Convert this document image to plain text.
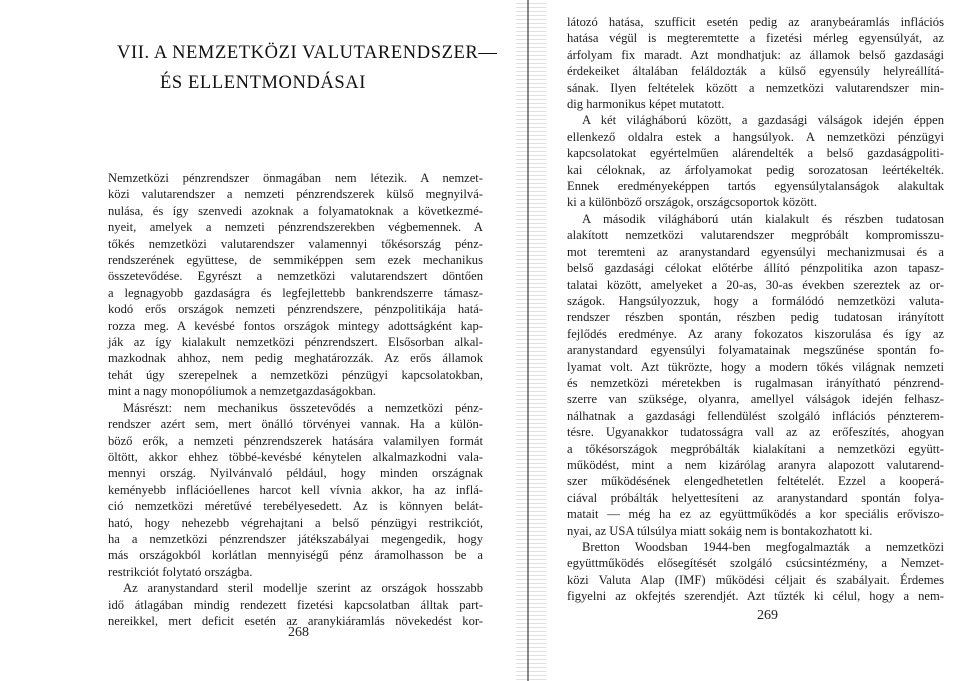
VII. A NEMZETKÖZI VALUTARENDSZER—
ÉS ELLENTMONDÁSAI
Nemzetközi pénzrendszer önmagában nem létezik. A nemzet-
közi valutarendszer a nemzeti pénzrendszerek külső megnyilvá-
nulása, és így szenvedi azoknak a folyamatoknak a következmé-
nyeit, amelyek a nemzeti pénzrendszerekben végbemennek. A
tőkés nemzetközi valutarendszer valamennyi tőkésország pénz-
rendszerének együttese, de semmiképpen sem ezek mechanikus
összetevődése. Egyrészt a nemzetközi valutarendszert döntően
a legnagyobb gazdaságra és legfejlettebb bankrendszerre támasz-
kodó erős országok nemzeti pénzrendszere, pénzpolitikája hatá-
rozza meg. A kevésbé fontos országok mintegy adottságként kap-
ják az így kialakult nemzetközi pénzrendszert. Elsősorban alkal-
mazkodnak ahhoz, nem pedig meghatározzák. Az erős államok
tehát úgy szerepelnek a nemzetközi pénzügyi kapcsolatokban,
mint a nagy monopóliumok a nemzetgazdaságokban.
Másrészt: nem mechanikus összetevődés a nemzetközi pénz-
rendszer azért sem, mert önálló törvényei vannak. Ha a külön-
böző erők, a nemzeti pénzrendszerek hatására valamilyen formát
öltött, akkor ehhez többé-kevésbé kénytelen alkalmazkodni vala-
mennyi ország. Nyilvánvaló például, hogy minden országnak
keményebb inflációellenes harcot kell vívnia akkor, ha az inflá-
ció nemzetközi méretűvé terebélyesedett. Az is könnyen belát-
ható, hogy nehezebb végrehajtani a belső pénzügyi restrikciót,
ha a nemzetközi pénzrendszer játékszabályai megengedik, hogy
más országokból korlátlan mennyiségű pénz áramolhasson be a
restrikciót folytató országba.
Az aranystandard steril modellje szerint az országok hosszabb
idő átlagában mindig rendezett fizetési kapcsolatban álltak part-
nereikkel, mert deficit esetén az aranykiáramlás növekedést kor-
268
látozó hatása, szufficit esetén pedig az aranybeáramlás inflációs
hatása végül is megteremtette a fizetési mérleg egyensúlyát, az
árfolyam fix maradt. Azt mondhatjuk: az államok belső gazdasági
érdekeiket általában feláldozták a külső egyensúly helyreállítá-
sának. Ilyen feltételek között a nemzetközi valutarendszer min-
dig harmonikus képet mutatott.
A két világháború között, a gazdasági válságok idején éppen
ellenkező oldalra estek a hangsúlyok. A nemzetközi pénzügyi
kapcsolatokat egyértelműen alárendelték a belső gazdaságpoliti-
kai céloknak, az árfolyamokat pedig sorozatosan leértékelték.
Ennek eredményeképpen tartós egyensúlytalanságok alakultak
ki a különböző országok, országcsoportok között.
A második világháború után kialakult és részben tudatosan
alakított nemzetközi valutarendszer megpróbált kompromisszu-
mot teremteni az aranystandard egyensúlyi mechanizmusai és a
belső gazdasági célokat előtérbe állító pénzpolitika azon tapasz-
talatai között, amelyeket a 20-as, 30-as években szereztek az or-
szágok. Hangsúlyozzuk, hogy a formálódó nemzetközi valuta-
rendszer részben spontán, részben pedig tudatosan irányított
fejlődés eredménye. Az arany fokozatos kiszorulása és így az
aranystandard egyensúlyi folyamatainak megszűnése spontán fo-
lyamat volt. Azt tükrözte, hogy a modern tőkés világnak nemzeti
és nemzetközi méretekben is rugalmasan irányítható pénzrend-
szerre van szüksége, olyanra, amellyel válságok idején felhasz-
nálhatnak a gazdasági fellendülést szolgáló inflációs pénzterem-
tésre. Ugyanakkor tudatosságra vall az az erőfeszítés, ahogyan
a tőkésországok megpróbálták kialakítani a nemzetközi együtt-
működést, mint a nem kizárólag aranyra alapozott valutarend-
szer működésének elengedhetetlen feltételét. Ezzel a kooperá-
ciával próbálták helyettesíteni az aranystandard spontán folya-
matait — még ha ez az együttműködés a kor speciális erőviszo-
nyai, az USA túlsúlya miatt sokáig nem is bontakozhatott ki.
Bretton Woodsban 1944-ben megfogalmazták a nemzetközi
együttműködés elősegítését szolgáló csúcsintézmény, a Nemzet-
közi Valuta Alap (IMF) működési céljait és szabályait. Érdemes
figyelni az okfejtés szerendjét. Azt tűzték ki célul, hogy a nem-
269
